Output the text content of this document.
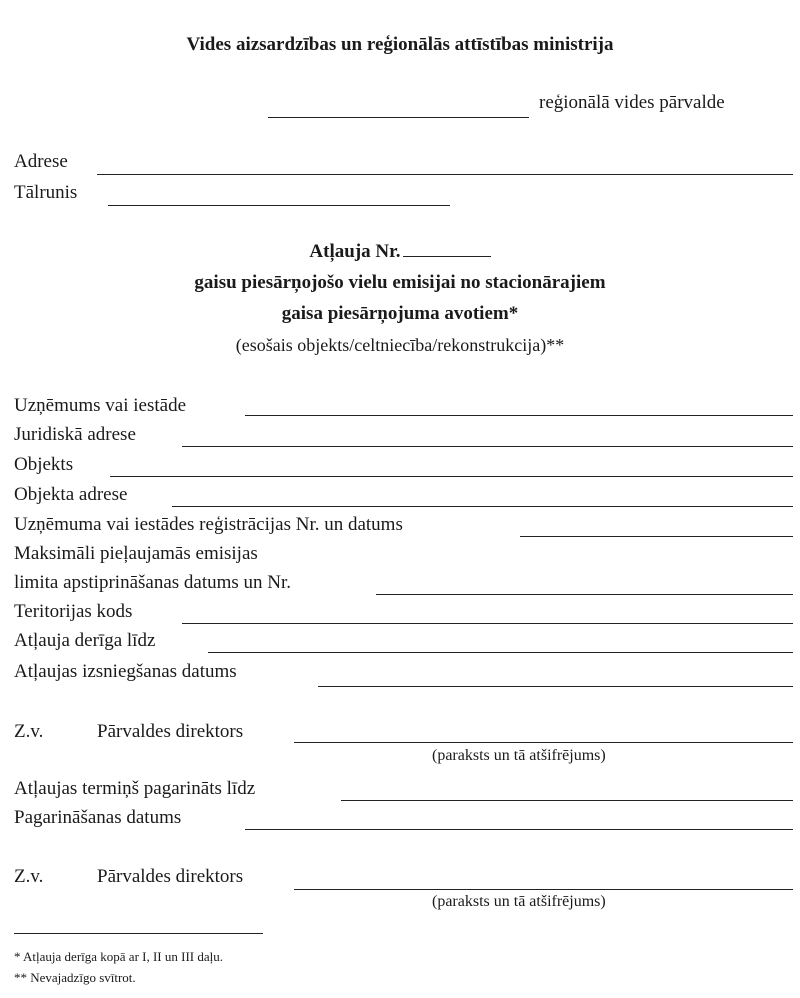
Vides aizsardzības un reģionālās attīstības ministrija
reģionālā vides pārvalde
Adrese
Tālrunis
Atļauja Nr.
gaisu piesārņojošo vielu emisijai no stacionārajiem
gaisa piesārņojuma avotiem*
(esošais objekts/celtniecība/rekonstrukcija)**
Uzņēmums vai iestāde
Juridiskā adrese
Objekts
Objekta adrese
Uzņēmuma vai iestādes reģistrācijas Nr. un datums
Maksimāli pieļaujamās emisijas
limita apstiprināšanas datums un Nr.
Teritorijas kods
Atļauja derīga līdz
Atļaujas izsniegšanas datums
Z.v.	Pārvaldes direktors
(paraksts un tā atšifrējums)
Atļaujas termiņš pagarināts līdz
Pagarināšanas datums
Z.v.	Pārvaldes direktors
(paraksts un tā atšifrējums)
* Atļauja derīga kopā ar I, II un III daļu.
** Nevajadzīgo svītrot.
